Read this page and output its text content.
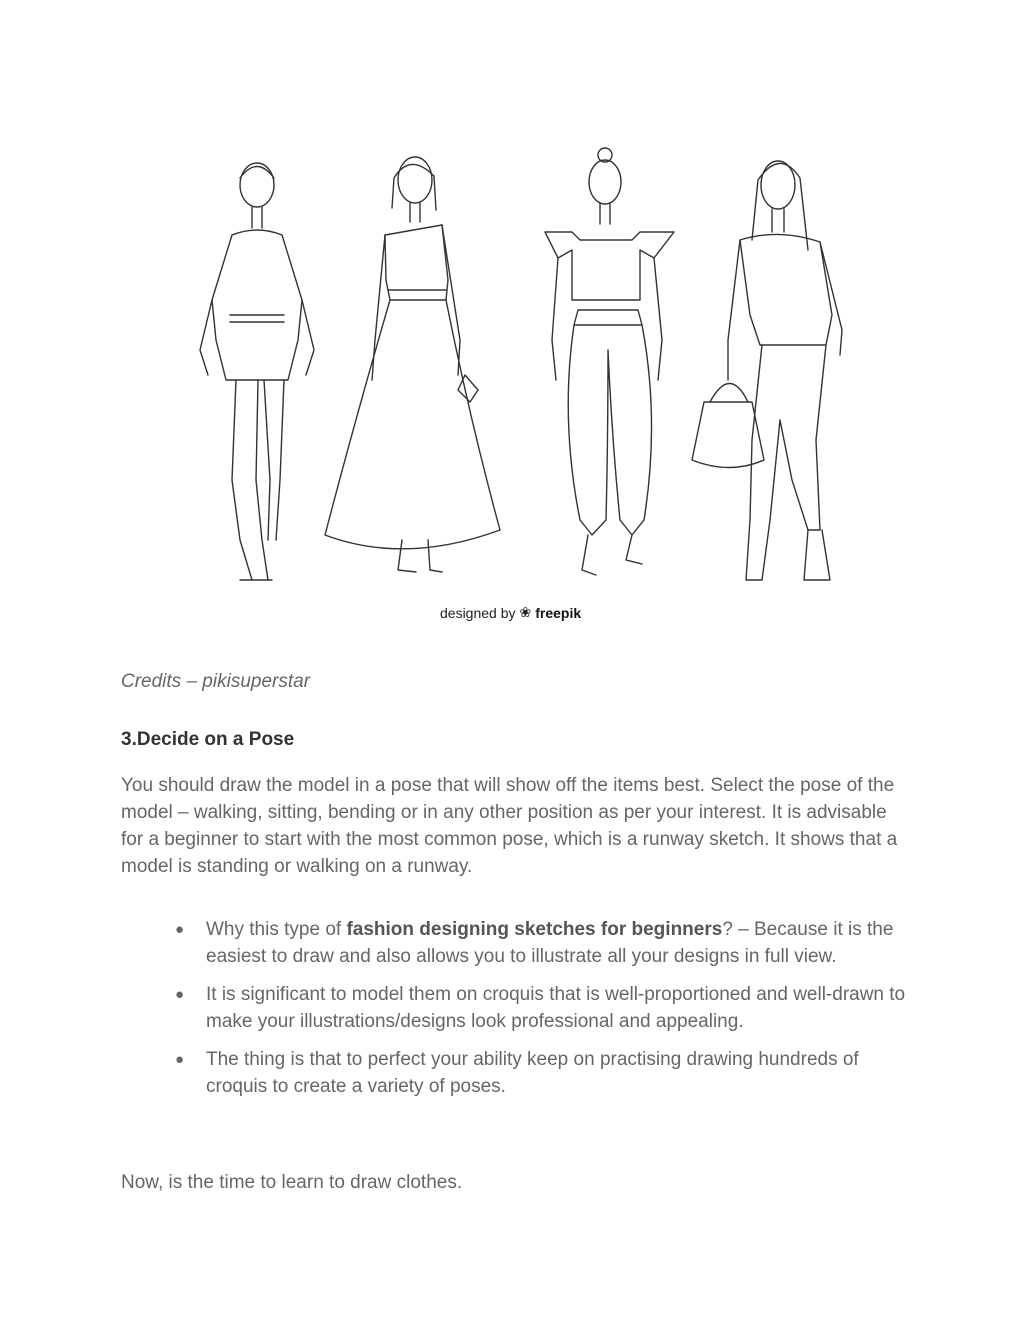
designed by ❀ freepik
Credits – pikisuperstar
3.Decide on a Pose

You should draw the model in a pose that will show off the items best. Select the pose of the model – walking, sitting, bending or in any other position as per your interest. It is advisable for a beginner to start with the most common pose, which is a runway sketch. It shows that a model is standing or walking on a runway.

● Why this type of fashion designing sketches for beginners? – Because it is the easiest to draw and also allows you to illustrate all your designs in full view.
● It is significant to model them on croquis that is well-proportioned and well-drawn to make your illustrations/designs look professional and appealing.
● The thing is that to perfect your ability keep on practising drawing hundreds of croquis to create a variety of poses.
Now, is the time to learn to draw clothes.
